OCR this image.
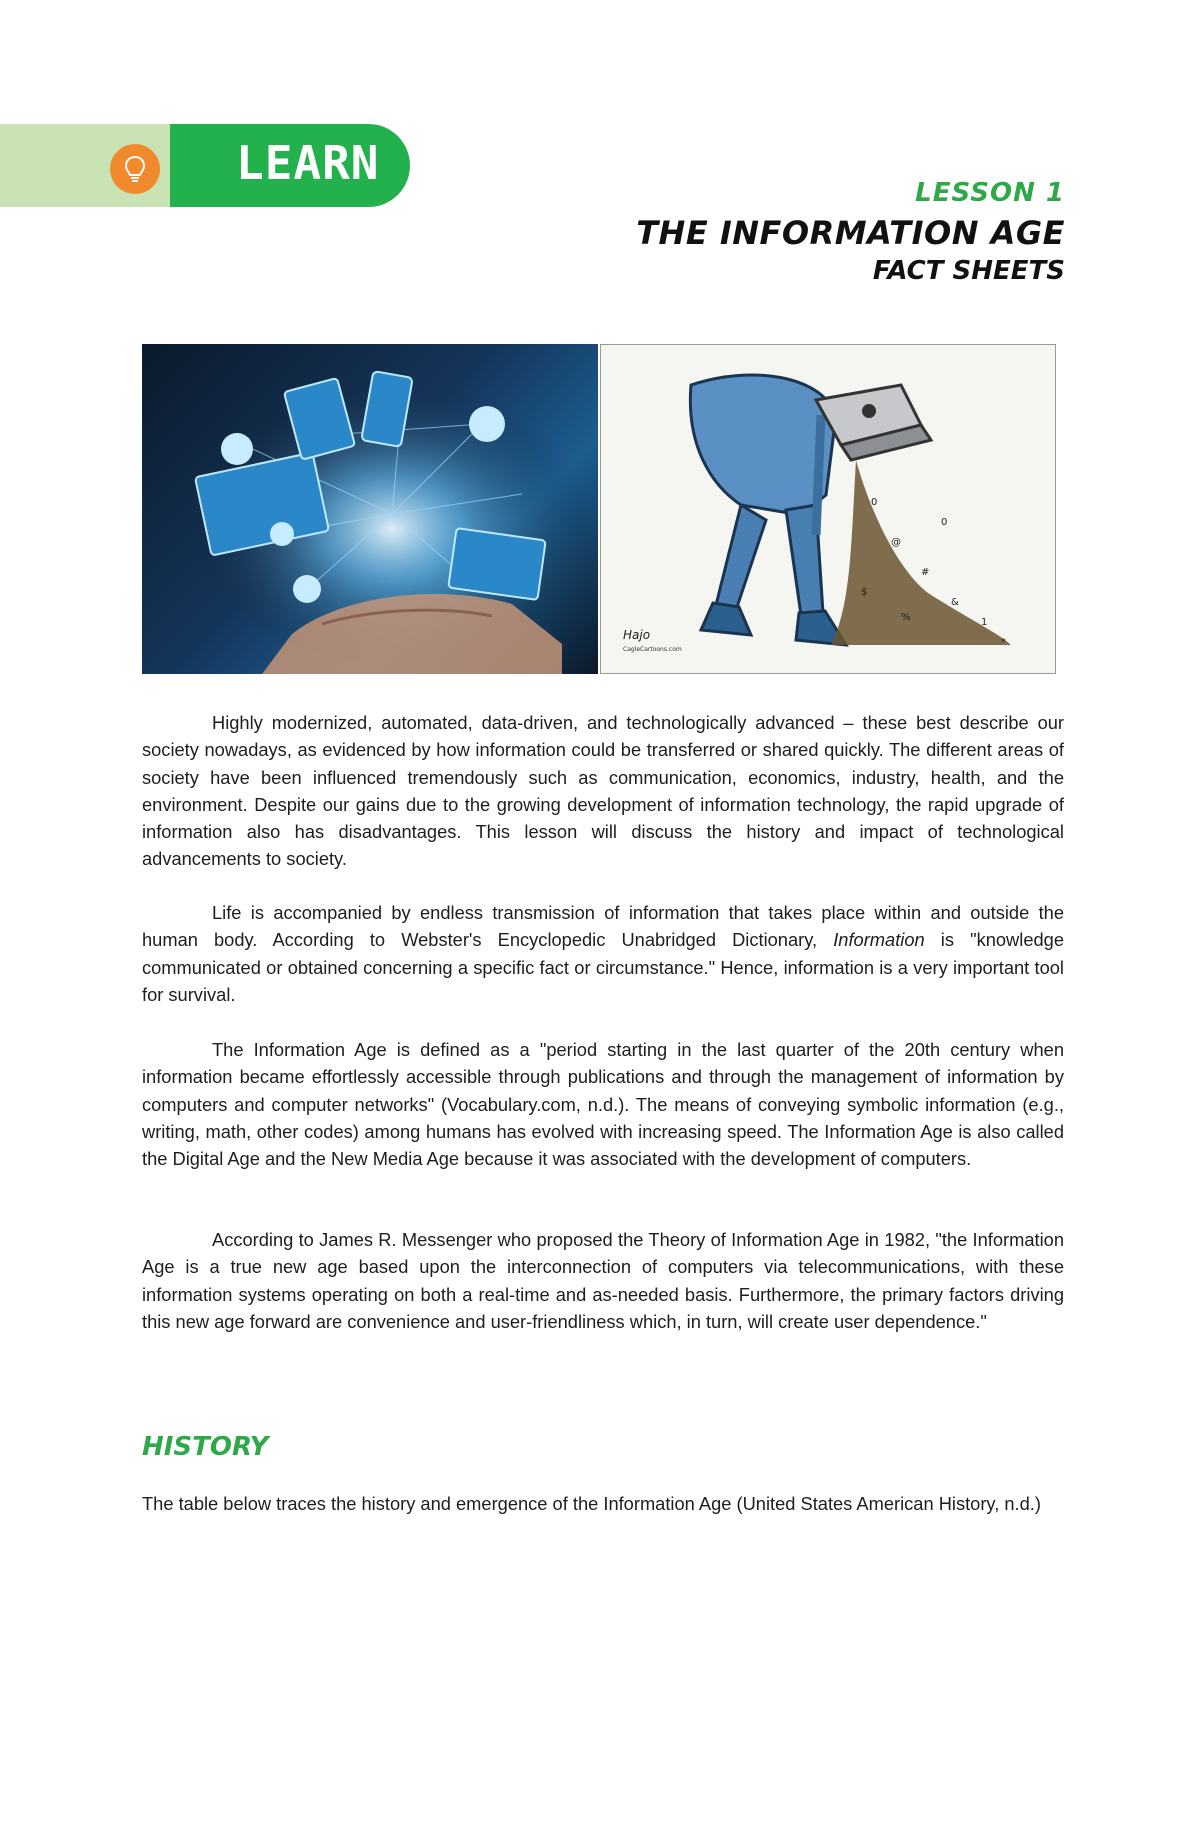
LEARN
LESSON 1
THE INFORMATION AGE
FACT SHEETS
0
@
#
&
1
$
%
*
0
Hajo
CagleCartoons.com

Highly modernized, automated, data-driven, and technologically advanced – these best describe our society nowadays, as evidenced by how information could be transferred or shared quickly. The different areas of society have been influenced tremendously such as communication, economics, industry, health, and the environment. Despite our gains due to the growing development of information technology, the rapid upgrade of information also has disadvantages. This lesson will discuss the history and impact of technological advancements to society.

Life is accompanied by endless transmission of information that takes place within and outside the human body. According to Webster's Encyclopedic Unabridged Dictionary, Information is "knowledge communicated or obtained concerning a specific fact or circumstance." Hence, information is a very important tool for survival.

The Information Age is defined as a "period starting in the last quarter of the 20th century when information became effortlessly accessible through publications and through the management of information by computers and computer networks" (Vocabulary.com, n.d.). The means of conveying symbolic information (e.g., writing, math, other codes) among humans has evolved with increasing speed. The Information Age is also called the Digital Age and the New Media Age because it was associated with the development of computers.

According to James R. Messenger who proposed the Theory of Information Age in 1982, "the Information Age is a true new age based upon the interconnection of computers via telecommunications, with these information systems operating on both a real-time and as-needed basis. Furthermore, the primary factors driving this new age forward are convenience and user-friendliness which, in turn, will create user dependence."

HISTORY

The table below traces the history and emergence of the Information Age (United States American History, n.d.)
